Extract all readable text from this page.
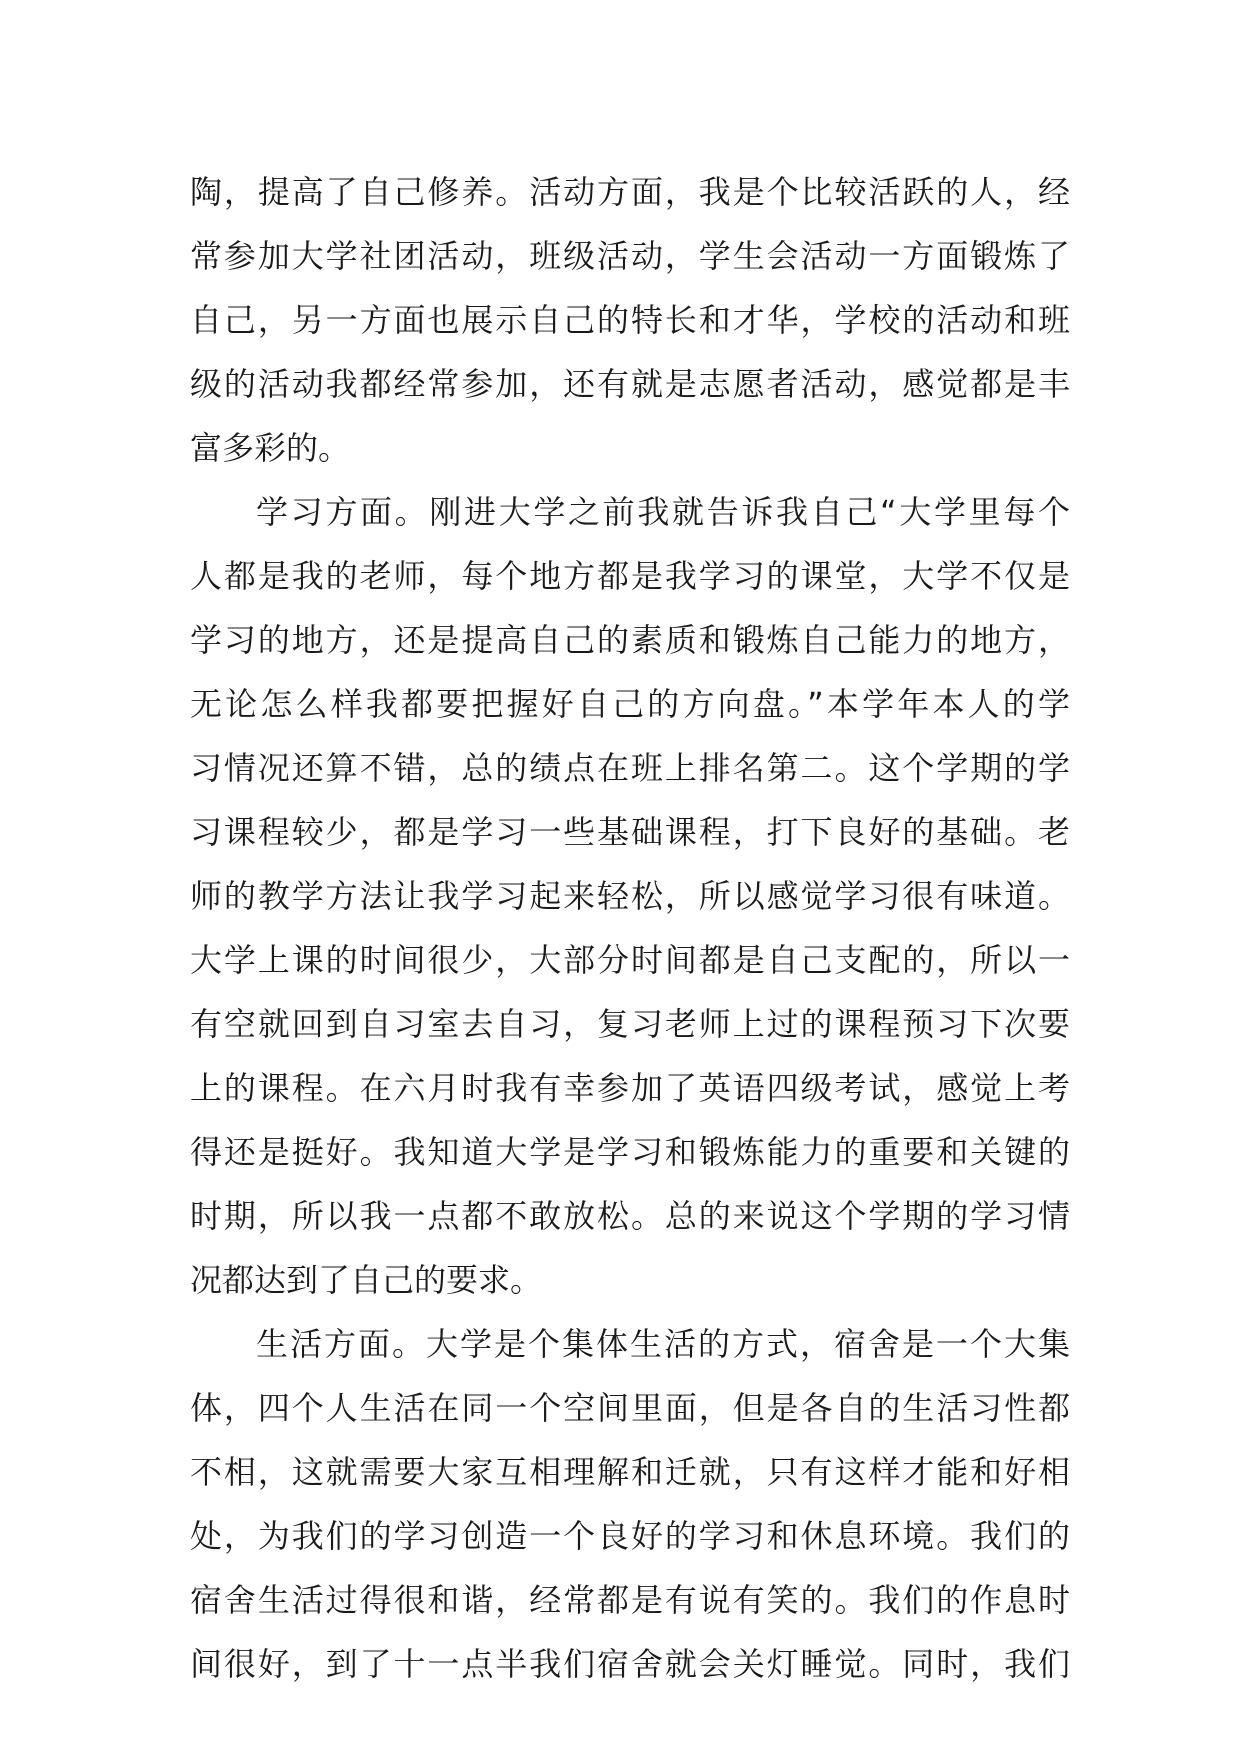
陶，提高了自己修养。活动方面，我是个比较活跃的人，经
常参加大学社团活动，班级活动，学生会活动一方面锻炼了
自己，另一方面也展示自己的特长和才华，学校的活动和班
级的活动我都经常参加，还有就是志愿者活动，感觉都是丰
富多彩的。
学习方面。刚进大学之前我就告诉我自己“大学里每个
人都是我的老师，每个地方都是我学习的课堂，大学不仅是
学习的地方，还是提高自己的素质和锻炼自己能力的地方，
无论怎么样我都要把握好自己的方向盘。”本学年本人的学
习情况还算不错，总的绩点在班上排名第二。这个学期的学
习课程较少，都是学习一些基础课程，打下良好的基础。老
师的教学方法让我学习起来轻松，所以感觉学习很有味道。
大学上课的时间很少，大部分时间都是自己支配的，所以一
有空就回到自习室去自习，复习老师上过的课程预习下次要
上的课程。在六月时我有幸参加了英语四级考试，感觉上考
得还是挺好。我知道大学是学习和锻炼能力的重要和关键的
时期，所以我一点都不敢放松。总的来说这个学期的学习情
况都达到了自己的要求。
生活方面。大学是个集体生活的方式，宿舍是一个大集
体，四个人生活在同一个空间里面，但是各自的生活习性都
不相，这就需要大家互相理解和迁就，只有这样才能和好相
处，为我们的学习创造一个良好的学习和休息环境。我们的
宿舍生活过得很和谐，经常都是有说有笑的。我们的作息时
间很好，到了十一点半我们宿舍就会关灯睡觉。同时，我们
